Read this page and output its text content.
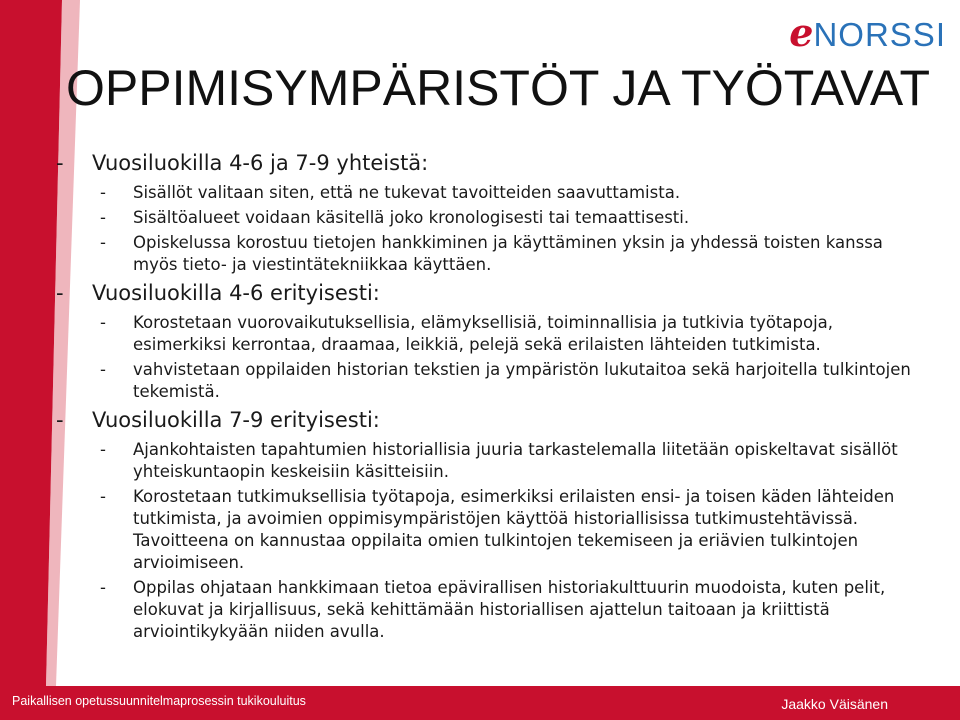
e NORSSI
OPPIMISYMPÄRISTÖT JA TYÖTAVAT
- Vuosiluokilla 4-6 ja 7-9 yhteistä:
- Sisällöt valitaan siten, että ne tukevat tavoitteiden saavuttamista.
- Sisältöalueet voidaan käsitellä joko kronologisesti tai temaattisesti.
- Opiskelussa korostuu tietojen hankkiminen ja käyttäminen yksin ja yhdessä toisten kanssa myös tieto- ja viestintätekniikkaa käyttäen.
- Vuosiluokilla 4-6 erityisesti:
- Korostetaan vuorovaikutuksellisia, elämyksellisiä, toiminnallisia ja tutkivia työtapoja, esimerkiksi kerrontaa, draamaa, leikkiä, pelejä sekä erilaisten lähteiden tutkimista.
- vahvistetaan oppilaiden historian tekstien ja ympäristön lukutaitoa sekä harjoitella tulkintojen tekemistä.
- Vuosiluokilla 7-9 erityisesti:
- Ajankohtaisten tapahtumien historiallisia juuria tarkastelemalla liitetään opiskeltavat sisällöt yhteiskuntaopin keskeisiin käsitteisiin.
- Korostetaan tutkimuksellisia työtapoja, esimerkiksi erilaisten ensi- ja toisen käden lähteiden tutkimista, ja avoimien oppimisympäristöjen käyttöä historiallisissa tutkimustehtävissä. Tavoitteena on kannustaa oppilaita omien tulkintojen tekemiseen ja eriävien tulkintojen arvioimiseen.
- Oppilas ohjataan hankkimaan tietoa epävirallisen historiakulttuurin muodoista, kuten pelit, elokuvat ja kirjallisuus, sekä kehittämään historiallisen ajattelun taitoaan ja kriittistä arviointikykyään niiden avulla.
Paikallisen opetussuunnitelmaprosessin tukikouluitus	Jaakko Väisänen
